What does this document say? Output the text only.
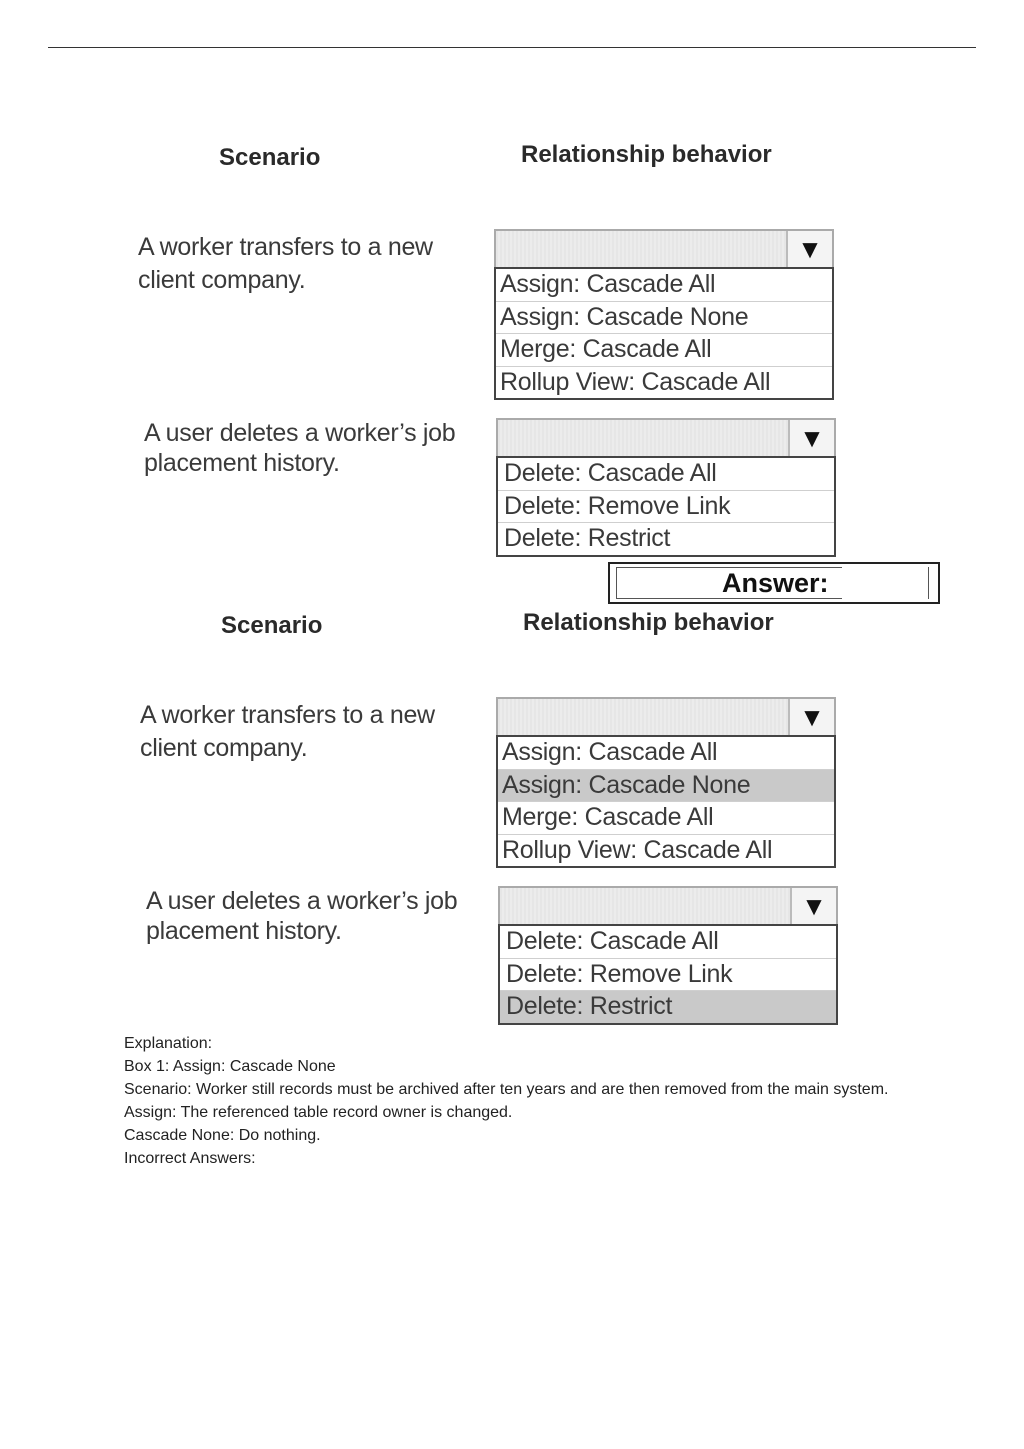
Scenario	Relationship behavior
A worker transfers to a new
client company.
▼
Assign: Cascade All
Assign: Cascade None
Merge: Cascade All
Rollup View: Cascade All
A user deletes a worker’s job
placement history.
▼
Delete: Cascade All
Delete: Remove Link
Delete: Restrict
Answer:
Scenario	Relationship behavior
A worker transfers to a new
client company.
▼
Assign: Cascade All
Assign: Cascade None
Merge: Cascade All
Rollup View: Cascade All
A user deletes a worker’s job
placement history.
▼
Delete: Cascade All
Delete: Remove Link
Delete: Restrict
Explanation:
Box 1: Assign: Cascade None
Scenario: Worker still records must be archived after ten years and are then removed from the main system.
Assign: The referenced table record owner is changed.
Cascade None: Do nothing.
Incorrect Answers:
